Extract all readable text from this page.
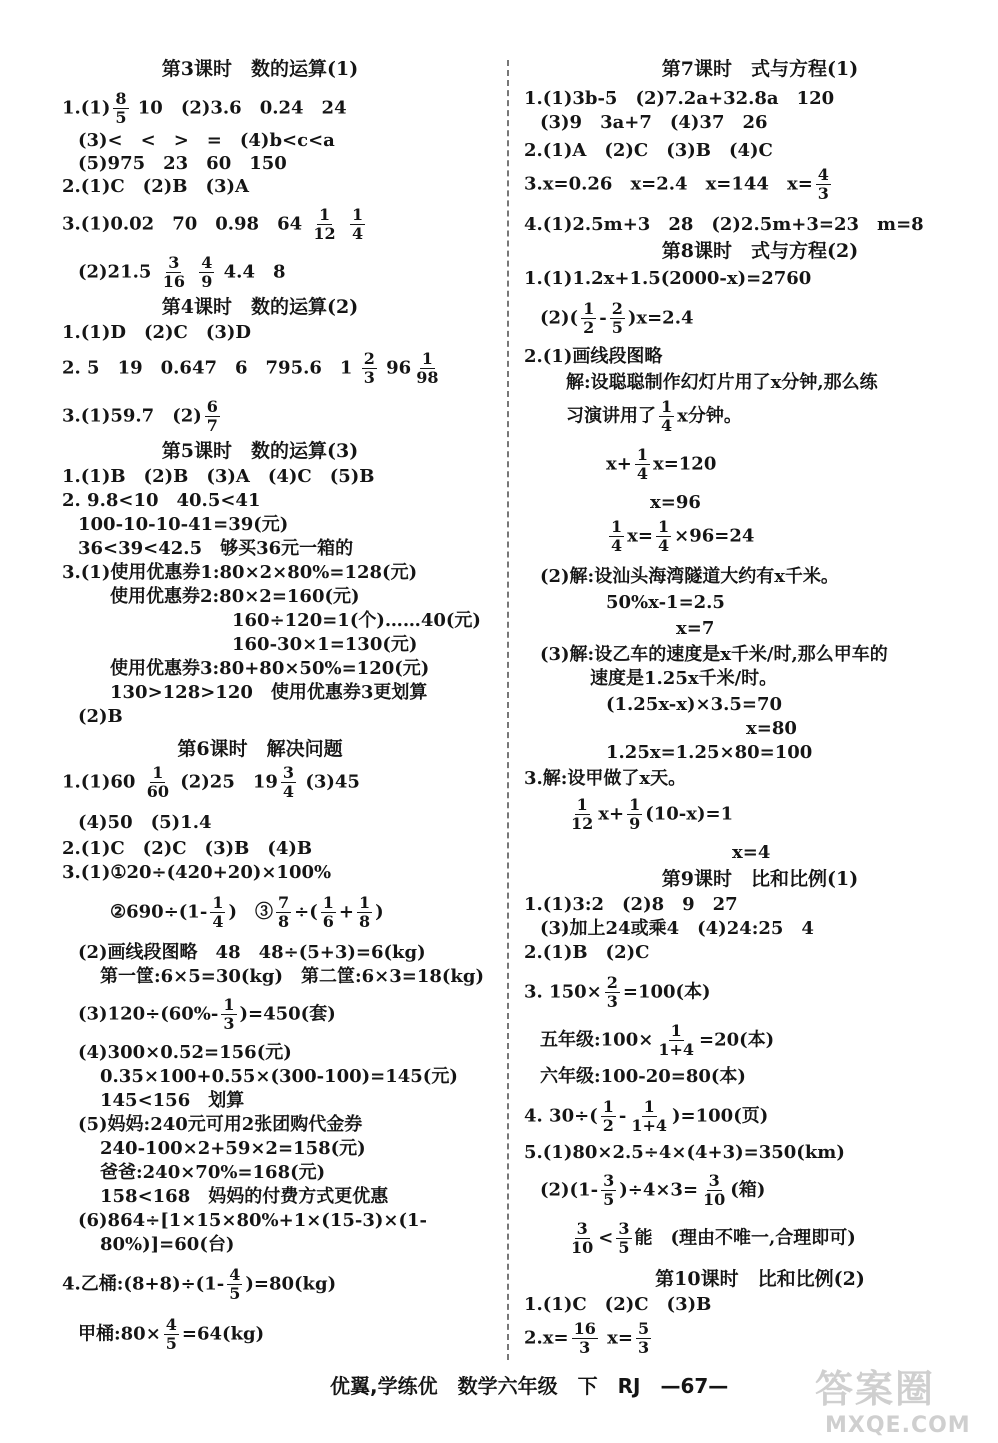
第3课时　数的运算(1)
$1.(1) \frac{8}{5} 10$　(2)3.6　0.24　24
(3)<　<　>　=　(4)b<c<a
(5)975　23　60　150
2.(1)C　(2)B　(3)A
3.(1)0.02　70　0.98　$64 \frac{1}{12}$
$\frac{1}{4}$
$(2)21.5 \frac{3}{16}$
$\frac{4}{9} 4.4$　8
第4课时　数的运算(2)
1.(1)D　(2)C　(3)D
2. 5　19　0.647　6　795.6　$1 \frac{2}{3} 96 \frac{1}{98}$
3.(1)59.7　$(2) \frac{6}{7}$
第5课时　数的运算(3)
1.(1)B　(2)B　(3)A　(4)C　(5)B
2. 9.8<10　40.5<41
100-10-10-41=39(元)
36<39<42.5　够买36元一箱的
3.(1)使用优惠券1:80×2×80%=128(元)
使用优惠券2:80×2=160(元)
160÷120=1(个)……40(元)
160-30×1=130(元)
使用优惠券3:80+80×50%=120(元)
130>128>120　使用优惠券3更划算
(2)B
第6课时　解决问题
$1.(1)60 \frac{1}{60} (2)25$　$19 \frac{3}{4} (3)45$
(4)50　(5)1.4
2.(1)C　(2)C　(3)B　(4)B
3.(1)①20÷(420+20)×100%
②690÷(1- $\frac{1}{4}$ )　③ $\frac{7}{8}$ ÷( $\frac{1}{6} + \frac{1}{8}$ )
(2)画线段图略　48　48÷(5+3)=6(kg)
第一筐:6×5=30(kg)　第二筐:6×3=18(kg)
$(3)120\div(60\%- \frac{1}{3} )=450$(套)
(4)300×0.52=156(元)
0.35×100+0.55×(300-100)=145(元)
145<156　划算
(5)妈妈:240元可用2张团购代金券
240-100×2+59×2=158(元)
爸爸:240×70%=168(元)
158<168　妈妈的付费方式更优惠
(6)864÷[1×15×80%+1×(15-3)×(1-
80%)]=60(台)
4.乙桶:(8+8)÷(1- $\frac{4}{5} )=80(kg)$
甲桶:80× $\frac{4}{5} =64(kg)$
第7课时　式与方程(1)
1.(1)3b-5　(2)7.2a+32.8a　120
(3)9　3a+7　(4)37　26
2.(1)A　(2)C　(3)B　(4)C
3.x=0.26　x=2.4　x=144　$x= \frac{4}{3}$
4.(1)2.5m+3　28　(2)2.5m+3=23　m=8
第8课时　式与方程(2)
1.(1)1.2x+1.5(2000-x)=2760
$(2)( \frac{1}{2} - \frac{2}{5} )x=2.4$
2.(1)画线段图略
解:设聪聪制作幻灯片用了x分钟,那么练
习演讲用了 $\frac{1}{4}$ x分钟。
$x+ \frac{1}{4} x=120$
x=96
$\frac{1}{4} x= \frac{1}{4} \times 96=24$
(2)解:设汕头海湾隧道大约有x千米。
50%x-1=2.5
x=7
(3)解:设乙车的速度是x千米/时,那么甲车的
速度是1.25x千米/时。
(1.25x-x)×3.5=70
x=80
1.25x=1.25×80=100
3.解:设甲做了x天。
$\frac{1}{12} x+ \frac{1}{9} (10-x)=1$
x=4
第9课时　比和比例(1)
1.(1)3:2　(2)8　9　27
(3)加上24或乘4　(4)24:25　4
2.(1)B　(2)C
3. $150\times \frac{2}{3} =100$(本)
五年级:100× $\frac{1}{1+4} =20$(本)
六年级:100-20=80(本)
4. $30\div( \frac{1}{2} - \frac{1}{1+4} )=100$(页)
5.(1)80×2.5÷4×(4+3)=350(km)
$(2)(1- \frac{3}{5} )\div 4\times 3= \frac{3}{10}$ (箱)
$\frac{3}{10} < \frac{3}{5}$ 能　(理由不唯一,合理即可)
第10课时　比和比例(2)
1.(1)C　(2)C　(3)B
$2.x= \frac{16}{3} x= \frac{5}{3}$
优翼,学练优　数学六年级　下　RJ　—67— 答案圈
MXQE.COM
